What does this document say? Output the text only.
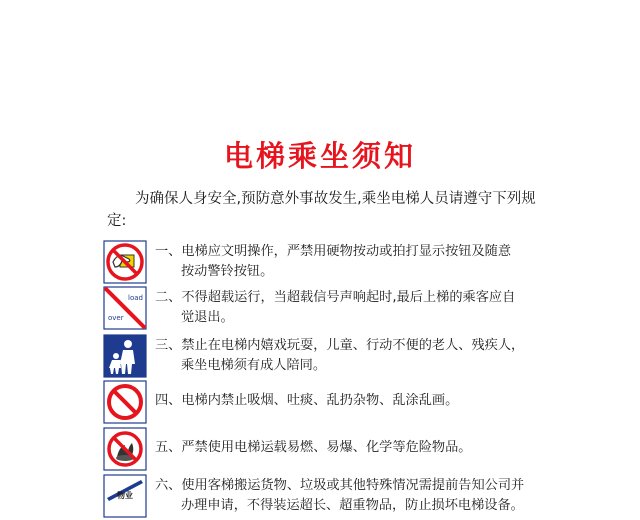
电梯乘坐须知
为确保人身安全,预防意外事故发生,乘坐电梯人员请遵守下列规定:
一、电梯应文明操作，严禁用硬物按动或拍打显示按钮及随意
按动警铃按钮。
over
load 二、不得超载运行，当超载信号声响起时,最后上梯的乘客应自
觉退出。
三、禁止在电梯内嬉戏玩耍，儿童、行动不便的老人、残疾人，
乘坐电梯须有成人陪同。
四、电梯内禁止吸烟、吐痰、乱扔杂物、乱涂乱画。
五、严禁使用电梯运载易燃、易爆、化学等危险物品。
物业
六、使用客梯搬运货物、垃圾或其他特殊情况需提前告知公司并
办理申请，不得装运超长、超重物品，防止损坏电梯设备。
